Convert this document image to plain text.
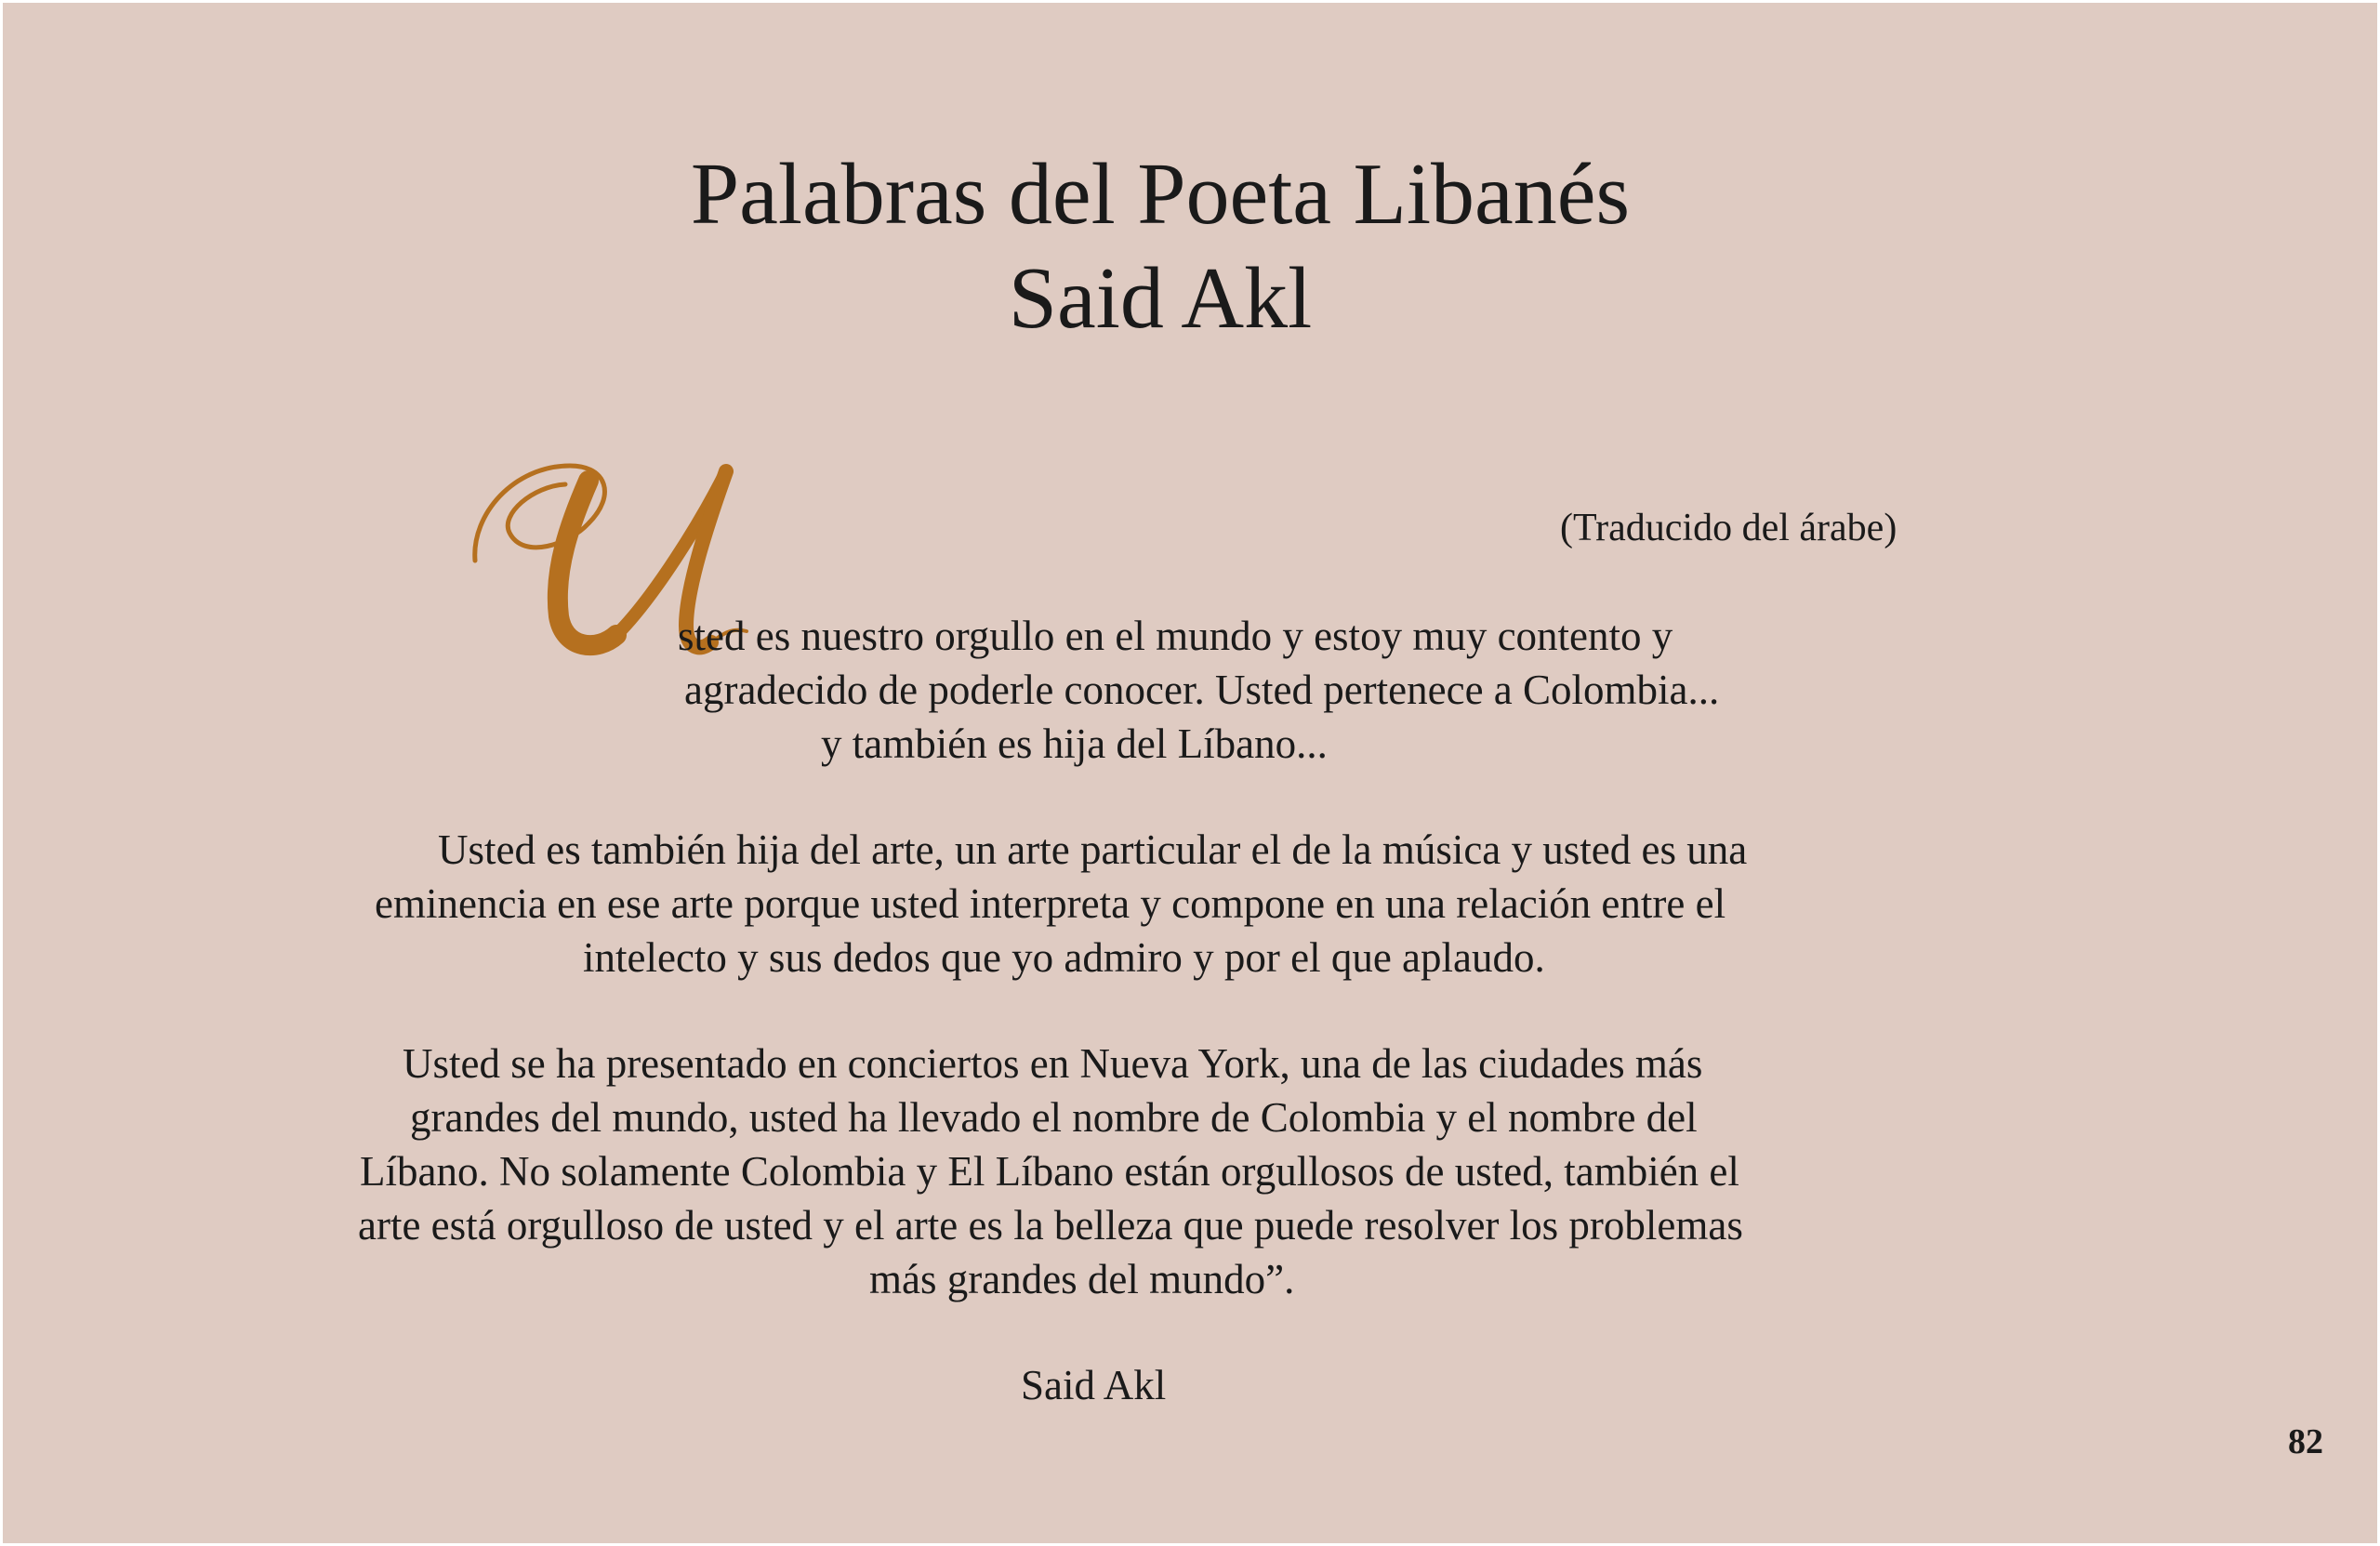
Palabras del Poeta Libanés
Said Akl
(Traducido del árabe)
sted es nuestro orgullo en el mundo y estoy muy contento y
agradecido de poderle conocer. Usted pertenece a Colombia...
y también es hija del Líbano...
Usted es también hija del arte, un arte particular el de la música y usted es una
eminencia en ese arte porque usted interpreta y compone en una relación entre el
intelecto y sus dedos que yo admiro y por el que aplaudo.
Usted se ha presentado en conciertos en Nueva York, una de las ciudades más
grandes del mundo, usted ha llevado el nombre de Colombia y el nombre del
Líbano. No solamente Colombia y El Líbano están orgullosos de usted, también el
arte está orgulloso de usted y el arte es la belleza que puede resolver los problemas
más grandes del mundo”.
Said Akl
82
